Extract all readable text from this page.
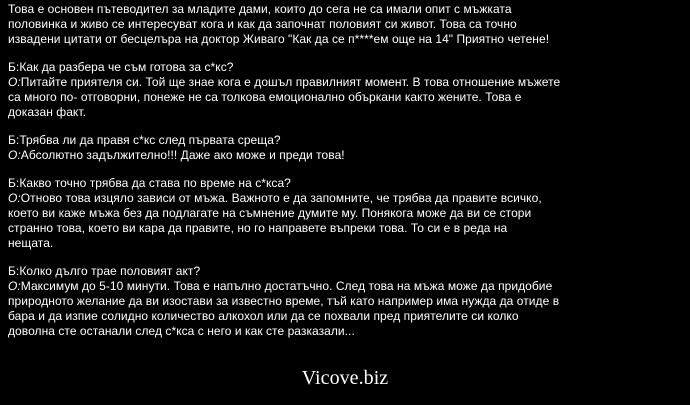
Това е основен пътеводител за младите дами, които до сега не са имали опит с мъжката
половинка и живо се интересуват кога и как да започнат половият си живот. Това са точно
извадени цитати от бесцелъра на доктор Живаго "Как да се п****ем още на 14" Приятно четене!
Б:Как да разбера че съм готова за с*кс?
О:Питайте приятеля си. Той ще знае кога е дошъл правилният момент. В това отношение мъжете
са много по- отговорни, понеже не са толкова емоционално объркани както жените. Това е
доказан факт.
Б:Трябва ли да правя с*кс след първата среща?
О:Абсолютно задължително!!! Даже ако може и преди това!
Б:Какво точно трябва да става по време на с*кса?
О:Отново това изцяло зависи от мъжа. Важното е да запомните, че трябва да правите всичко,
което ви каже мъжа без да подлагате на съмнение думите му. Понякога може да ви се стори
странно това, което ви кара да правите, но го направете въпреки това. То си е в реда на
нещата.
Б:Колко дълго трае половият акт?
О:Максимум до 5-10 минути. Това е напълно достатъчно. След това на мъжа може да придобие
природното желание да ви изостави за известно време, тъй като например има нужда да отиде в
бара и да изпие солидно количество алкохол или да се похвали пред приятелите си колко
доволна сте останали след с*кса с него и как сте разказали...
Vicove.biz
